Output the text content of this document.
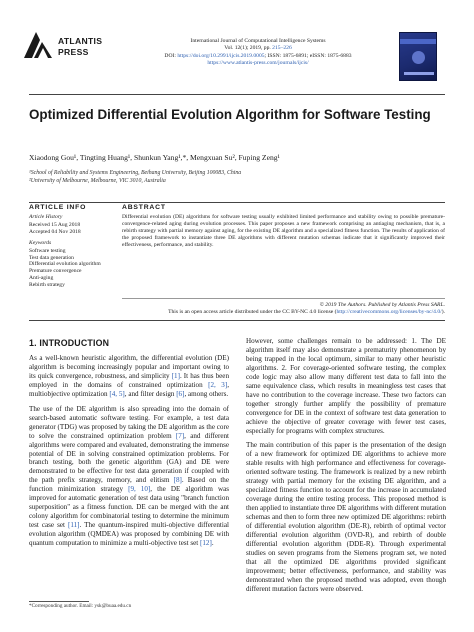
ATLANTIS
PRESS
International Journal of Computational Intelligence Systems
Vol. 12(1); 2019, pp. 215–226
DOI: https://doi.org/10.2991/ijcis.2019.0005; ISSN: 1875-6891; eISSN: 1875-6883
https://www.atlantis-press.com/journals/ijcis/
Optimized Differential Evolution Algorithm for Software Testing
Xiaodong Gou¹, Tingting Huang¹, Shunkun Yang¹,*, Mengxuan Su², Fuping Zeng¹
¹School of Reliability and Systems Engineering, Beihang University, Beijing 100083, China
²University of Melbourne, Melbourne, VIC 3010, Australia
ARTICLE INFO	ABSTRACT
Article History
Received 15 Aug 2018
Accepted 04 Nov 2018
Keywords
Software testing
Test data generation
Differential evolution algorithm
Premature convergence
Anti-aging
Rebirth strategy
Differential evolution (DE) algorithms for software testing usually exhibited limited performance and stability owing to possible premature-convergence-related aging during evolution processes. This paper proposes a new framework comprising an antiaging mechanism, that is, a rebirth strategy with partial memory against aging, for the existing DE algorithm and a specialized fitness function. The results of application of the proposed framework to instantiate three DE algorithms with different mutation schemas indicate that it significantly improved their effectiveness, performance, and stability.
© 2019 The Authors. Published by Atlantis Press SARL.
This is an open access article distributed under the CC BY-NC 4.0 license (http://creativecommons.org/licenses/by-nc/4.0/).
1. INTRODUCTION

As a well-known heuristic algorithm, the differential evolution (DE) algorithm is becoming increasingly popular and important owing to its quick convergence, robustness, and simplicity [1]. It has thus been employed in the domains of constrained optimization [2, 3], multiobjective optimization [4, 5], and filter design [6], among others.

The use of the DE algorithm is also spreading into the domain of search-based automatic software testing. For example, a test data generator (TDG) was proposed by taking the DE algorithm as the core to solve the constrained optimization problem [7], and different algorithms were compared and evaluated, demonstrating the immense potential of DE in solving constrained optimization problems. For branch testing, both the genetic algorithm (GA) and DE were demonstrated to be effective for test data generation if coupled with the path prefix strategy, memory, and elitism [8]. Based on the function minimization strategy [9, 10], the DE algorithm was improved for automatic generation of test data using "branch function superposition" as a fitness function. DE can be merged with the ant colony algorithm for combinatorial testing to determine the minimum test case set [11]. The quantum-inspired multi-objective differential evolution algorithm (QMDEA) was proposed by combining DE with quantum computation to minimize a multi-objective test set [12].

However, some challenges remain to be addressed: 1. The DE algorithm itself may also demonstrate a prematurity phenomenon by being trapped in the local optimum, similar to many other heuristic algorithms. 2. For coverage-oriented software testing, the complex code logic may also allow many different test data to fall into the same equivalence class, which results in meaningless test cases that have no contribution to the coverage increase. These two factors can together strongly further amplify the possibility of premature convergence for DE in the context of software test data generation to achieve the objective of greater coverage with fewer test cases, especially for programs with complex structures.

The main contribution of this paper is the presentation of the design of a new framework for optimized DE algorithms to achieve more stable results with high performance and effectiveness for coverage-oriented software testing. The framework is realized by a new rebirth strategy with partial memory for the existing DE algorithm, and a specialized fitness function to account for the increase in accumulated coverage during the entire testing process. This proposed method is then applied to instantiate three DE algorithms with different mutation schemas and then to form three new optimized DE algorithms: rebirth of differential evolution algorithm (DE-R), rebirth of optimal vector differential evolution algorithm (OVD-R), and rebirth of double differential evolution algorithm (DDE-R). Through experimental studies on seven programs from the Siemens program set, we noted that all the optimized DE algorithms provided significant improvement; better effectiveness, performance, and stability was demonstrated when the proposed method was adopted, even though different mutation factors were observed.

*Corresponding author. Email: ysk@buaa.edu.cn
